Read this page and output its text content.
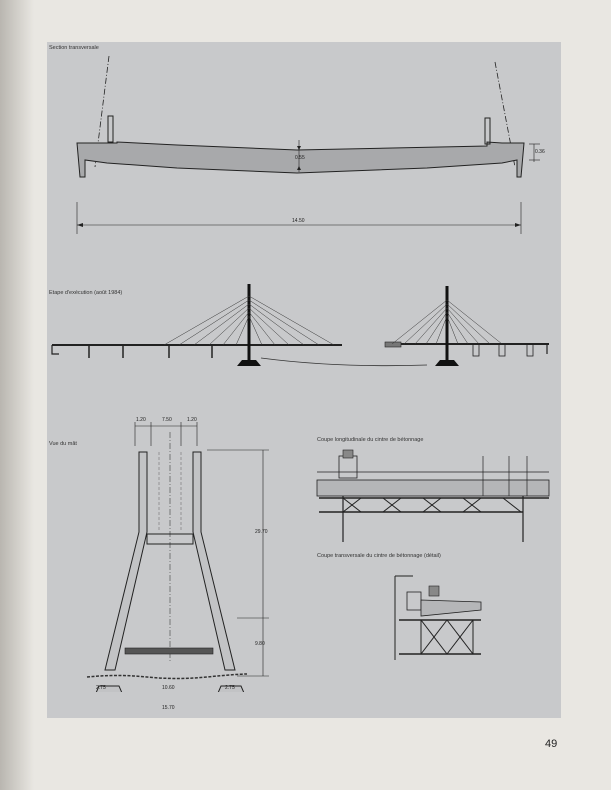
Section transversale
0.55
0.36
14.50
Etape d'exécution (août 1984)
Vue du mât
1.20	7.50	1.20
29.70
9.80
2.75	10.60	2.75
15.70
Coupe longitudinale du cintre de bétonnage
Coupe transversale du cintre de bétonnage (détail)
49
